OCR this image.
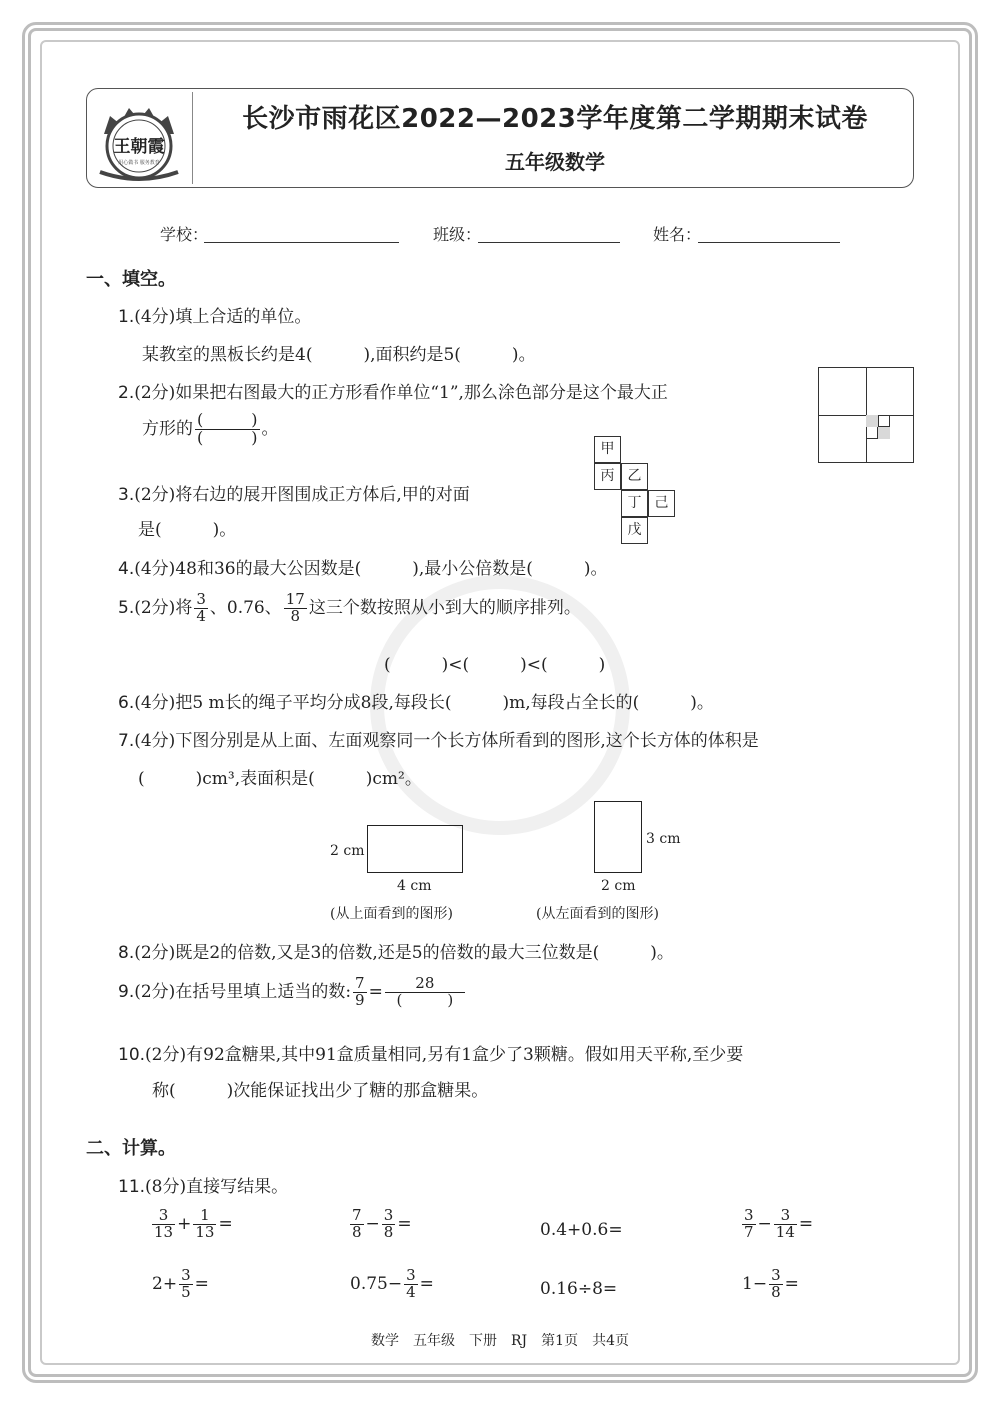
王朝霞
用心做书 服务教育
长沙市雨花区2022—2023学年度第二学期期末试卷
五年级数学
学校：	班级：	姓名：
一、填空。
1.(4分)填上合适的单位。
某教室的黑板长约是4(　　　),面积约是5(　　　)。
2.(2分)如果把右图最大的正方形看作单位“1”,那么涂色部分是这个最大正
方形的 $\frac{( )}{( )}$ 。
3.(2分)将右边的展开图围成正方体后,甲的对面
是(　　　)。
甲
丙 乙
丁 己
戊
4.(4分)48和36的最大公因数是(　　　),最小公倍数是(　　　)。
5.(2分)将 $\frac{3}{4}$ 、0.76、 $\frac{17}{8}$ 这三个数按照从小到大的顺序排列。
(　　　)<(　　　)<(　　　)
6.(4分)把5 m长的绳子平均分成8段,每段长(　　　)m,每段占全长的(　　　)。
7.(4分)下图分别是从上面、左面观察同一个长方体所看到的图形,这个长方体的体积是
(　　　)cm³,表面积是(　　　)cm²。
2 cm
4 cm
(从上面看到的图形)
3 cm
2 cm
(从左面看到的图形)
8.(2分)既是2的倍数,又是3的倍数,还是5的倍数的最大三位数是(　　　)。
9.(2分)在括号里填上适当的数: $\frac{7}{9} = \frac{28}{( )}$
10.(2分)有92盒糖果,其中91盒质量相同,另有1盒少了3颗糖。假如用天平称,至少要
称(　　　)次能保证找出少了糖的那盒糖果。
二、计算。
11.(8分)直接写结果。
$\frac{3}{13} + \frac{1}{13}$ =	$\frac{7}{8} - \frac{3}{8}$ =	0.4+0.6=	$\frac{3}{7} - \frac{3}{14}$ =
$2+ \frac{3}{5}$ =	$0.75- \frac{3}{4}$ =	0.16÷8=	$1- \frac{3}{8}$ =
数学　五年级　下册　RJ　第1页　共4页
